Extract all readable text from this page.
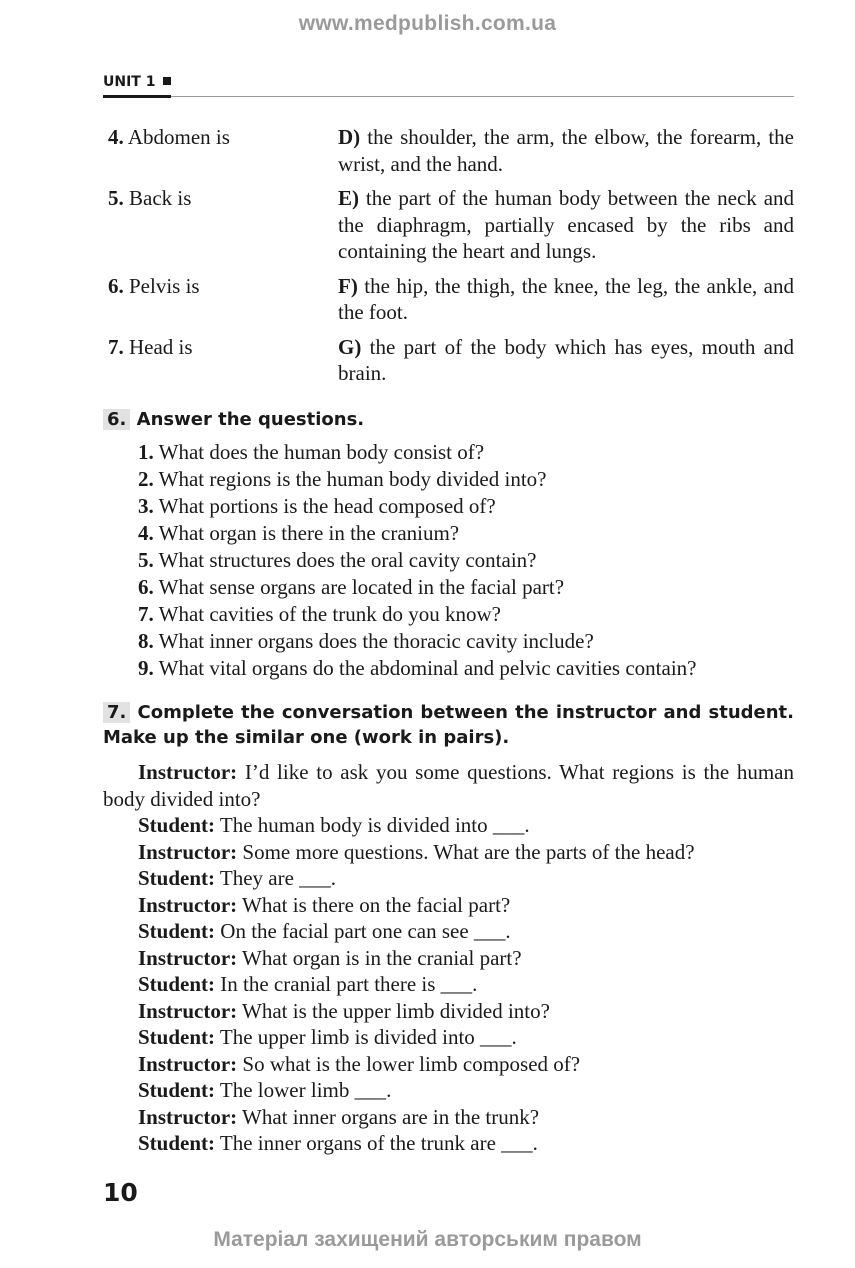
www.medpublish.com.ua
UNIT 1
4. Abdomen is	D) the shoulder, the arm, the elbow, the forearm, the wrist, and the hand.
5. Back is	E) the part of the human body between the neck and the diaphragm, partially encased by the ribs and containing the heart and lungs.
6. Pelvis is	F) the hip, the thigh, the knee, the leg, the ankle, and the foot.
7. Head is	G) the part of the body which has eyes, mouth and brain.
6. Answer the questions.
1. What does the human body consist of?
2. What regions is the human body divided into?
3. What portions is the head composed of?
4. What organ is there in the cranium?
5. What structures does the oral cavity contain?
6. What sense organs are located in the facial part?
7. What cavities of the trunk do you know?
8. What inner organs does the thoracic cavity include?
9. What vital organs do the abdominal and pelvic cavities contain?
7. Complete the conversation between the instructor and student. Make up the similar one (work in pairs).

Instructor: I’d like to ask you some questions. What regions is the human body divided into?

Student: The human body is divided into ___.

Instructor: Some more questions. What are the parts of the head?

Student: They are ___.

Instructor: What is there on the facial part?

Student: On the facial part one can see ___.

Instructor: What organ is in the cranial part?

Student: In the cranial part there is ___.

Instructor: What is the upper limb divided into?

Student: The upper limb is divided into ___.

Instructor: So what is the lower limb composed of?

Student: The lower limb ___.

Instructor: What inner organs are in the trunk?

Student: The inner organs of the trunk are ___.

10
Матеріал захищений авторським правом
